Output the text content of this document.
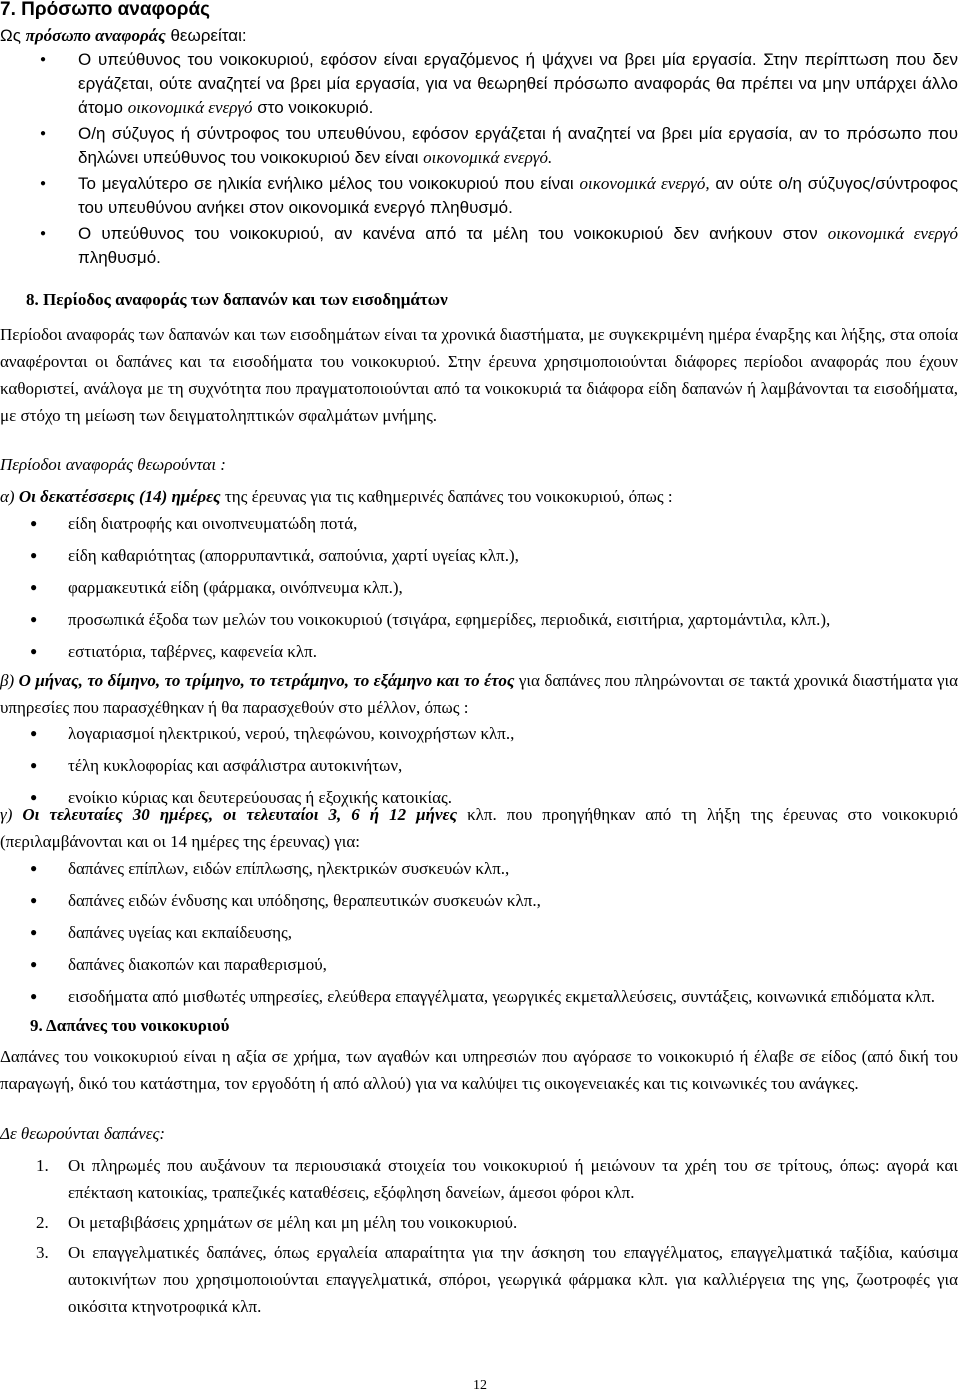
7. Πρόσωπο αναφοράς
Ως πρόσωπο αναφοράς θεωρείται:
● Ο υπεύθυνος του νοικοκυριού, εφόσον είναι εργαζόμενος ή ψάχνει να βρει μία εργασία. Στην περίπτωση που δεν εργάζεται, ούτε αναζητεί να βρει μία εργασία, για να θεωρηθεί πρόσωπο αναφοράς θα πρέπει να μην υπάρχει άλλο άτομο οικονομικά ενεργό στο νοικοκυριό.
● Ο/η σύζυγος ή σύντροφος του υπευθύνου, εφόσον εργάζεται ή αναζητεί να βρει μία εργασία, αν το πρόσωπο που δηλώνει υπεύθυνος του νοικοκυριού δεν είναι οικονομικά ενεργό.
● Το μεγαλύτερο σε ηλικία ενήλικο μέλος του νοικοκυριού που είναι οικονομικά ενεργό, αν ούτε ο/η σύζυγος/σύντροφος του υπευθύνου ανήκει στον οικονομικά ενεργό πληθυσμό.
● Ο υπεύθυνος του νοικοκυριού, αν κανένα από τα μέλη του νοικοκυριού δεν ανήκουν στον οικονομικά ενεργό πληθυσμό.
8. Περίοδος αναφοράς των δαπανών και των εισοδημάτων
Περίοδοι αναφοράς των δαπανών και των εισοδημάτων είναι τα χρονικά διαστήματα, με συγκεκριμένη ημέρα έναρξης και λήξης, στα οποία αναφέρονται οι δαπάνες και τα εισοδήματα του νοικοκυριού. Στην έρευνα χρησιμοποιούνται διάφορες περίοδοι αναφοράς που έχουν καθοριστεί, ανάλογα με τη συχνότητα που πραγματοποιούνται από τα νοικοκυριά τα διάφορα είδη δαπανών ή λαμβάνονται τα εισοδήματα, με στόχο τη μείωση των δειγματοληπτικών σφαλμάτων μνήμης.
Περίοδοι αναφοράς θεωρούνται :
α) Οι δεκατέσσερις (14) ημέρες της έρευνας για τις καθημερινές δαπάνες του νοικοκυριού, όπως :
● είδη διατροφής και οινοπνευματώδη ποτά,
● είδη καθαριότητας (απορρυπαντικά, σαπούνια, χαρτί υγείας κλπ.),
● φαρμακευτικά είδη (φάρμακα, οινόπνευμα κλπ.),
● προσωπικά έξοδα των μελών του νοικοκυριού (τσιγάρα, εφημερίδες, περιοδικά, εισιτήρια, χαρτομάντιλα, κλπ.),
● εστιατόρια, ταβέρνες, καφενεία κλπ.
β) Ο μήνας, το δίμηνο, το τρίμηνο, το τετράμηνο, το εξάμηνο και το έτος για δαπάνες που πληρώνονται σε τακτά χρονικά διαστήματα για υπηρεσίες που παρασχέθηκαν ή θα παρασχεθούν στο μέλλον, όπως :
● λογαριασμοί ηλεκτρικού, νερού, τηλεφώνου, κοινοχρήστων κλπ.,
● τέλη κυκλοφορίας και ασφάλιστρα αυτοκινήτων,
● ενοίκιο κύριας και δευτερεύουσας ή εξοχικής κατοικίας.
γ) Οι τελευταίες 30 ημέρες, οι τελευταίοι 3, 6 ή 12 μήνες κλπ. που προηγήθηκαν από τη λήξη της έρευνας στο νοικοκυριό (περιλαμβάνονται και οι 14 ημέρες της έρευνας) για:
● δαπάνες επίπλων, ειδών επίπλωσης, ηλεκτρικών συσκευών κλπ.,
● δαπάνες ειδών ένδυσης και υπόδησης, θεραπευτικών συσκευών κλπ.,
● δαπάνες υγείας και εκπαίδευσης,
● δαπάνες διακοπών και παραθερισμού,
● εισοδήματα από μισθωτές υπηρεσίες, ελεύθερα επαγγέλματα, γεωργικές εκμεταλλεύσεις, συντάξεις, κοινωνικά επιδόματα κλπ.
9. Δαπάνες του νοικοκυριού
Δαπάνες του νοικοκυριού είναι η αξία σε χρήμα, των αγαθών και υπηρεσιών που αγόρασε το νοικοκυριό ή έλαβε σε είδος (από δική του παραγωγή, δικό του κατάστημα, τον εργοδότη ή από αλλού) για να καλύψει τις οικογενειακές και τις κοινωνικές του ανάγκες.
Δε θεωρούνται δαπάνες:
1. Οι πληρωμές που αυξάνουν τα περιουσιακά στοιχεία του νοικοκυριού ή μειώνουν τα χρέη του σε τρίτους, όπως: αγορά και επέκταση κατοικίας, τραπεζικές καταθέσεις, εξόφληση δανείων, άμεσοι φόροι κλπ.
2. Οι μεταβιβάσεις χρημάτων σε μέλη και μη μέλη του νοικοκυριού.
3. Οι επαγγελματικές δαπάνες, όπως εργαλεία απαραίτητα για την άσκηση του επαγγέλματος, επαγγελματικά ταξίδια, καύσιμα αυτοκινήτων που χρησιμοποιούνται επαγγελματικά, σπόροι, γεωργικά φάρμακα κλπ. για καλλιέργεια της γης, ζωοτροφές για οικόσιτα κτηνοτροφικά κλπ.
12
